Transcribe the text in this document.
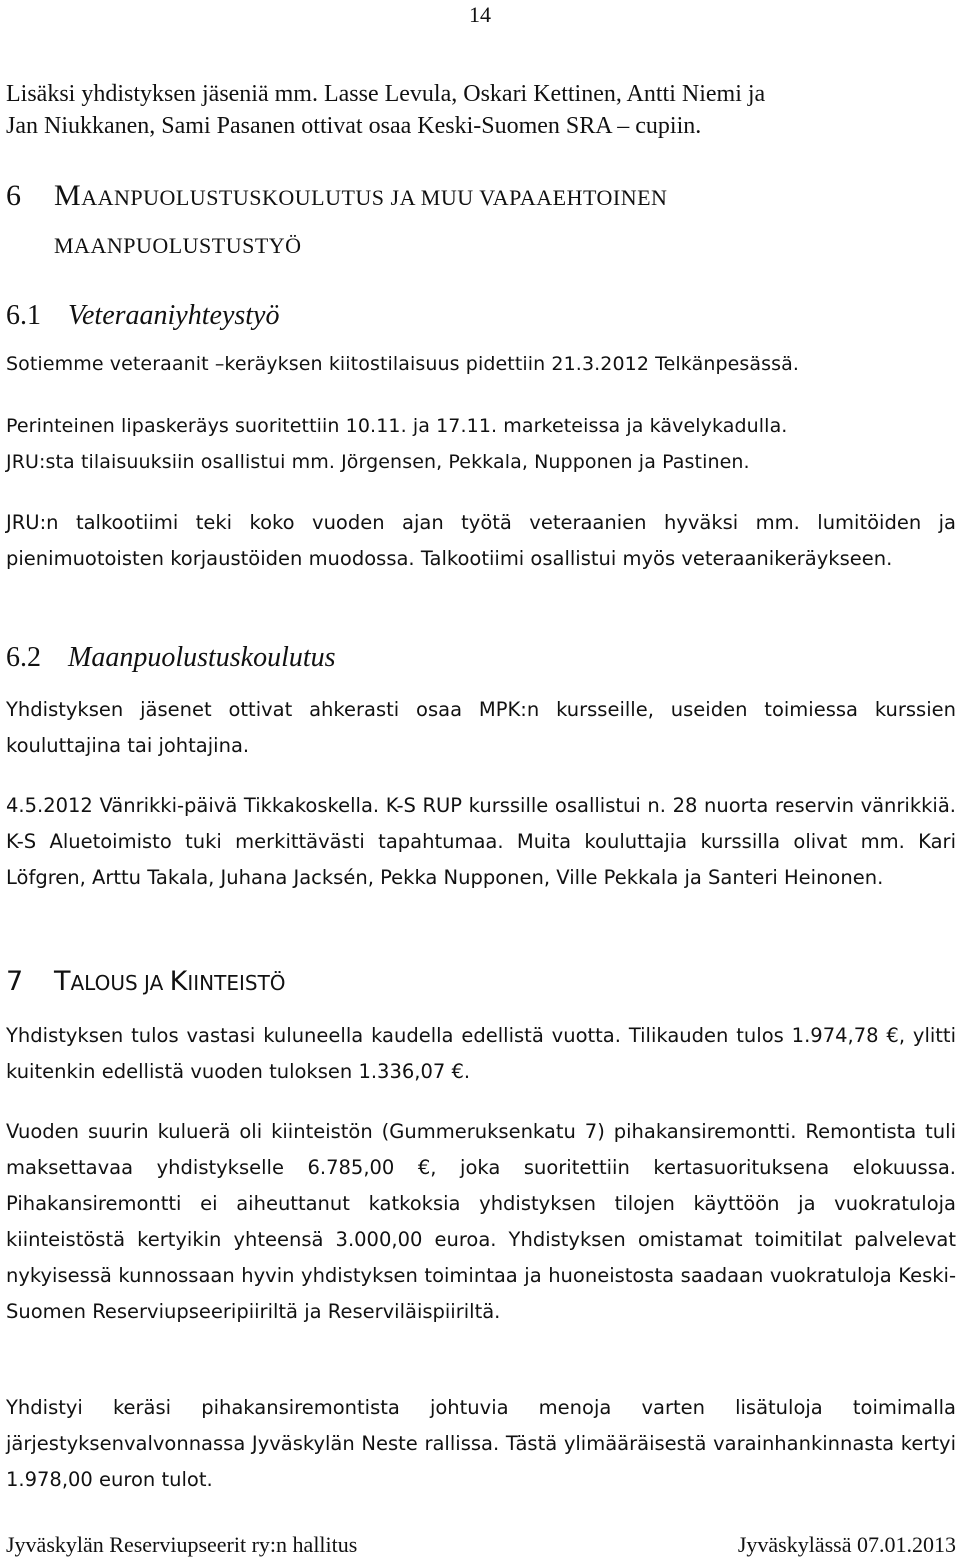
14

Lisäksi yhdistyksen jäseniä mm. Lasse Levula, Oskari Kettinen, Antti Niemi ja
Jan Niukkanen, Sami Pasanen ottivat osaa Keski-Suomen SRA – cupiin.

6 MAANPUOLUSTUSKOULUTUS JA MUU VAPAAEHTOINEN
MAANPUOLUSTUSTYÖ
6.1 Veteraaniyhteystyö

Sotiemme veteraanit –keräyksen kiitostilaisuus pidettiin 21.3.2012 Telkänpesässä.

Perinteinen lipaskeräys suoritettiin 10.11. ja 17.11. marketeissa ja kävelykadulla.
JRU:sta tilaisuuksiin osallistui mm. Jörgensen, Pekkala, Nupponen ja Pastinen.

JRU:n talkootiimi teki koko vuoden ajan työtä veteraanien hyväksi mm. lumitöiden ja pienimuotoisten korjaustöiden muodossa. Talkootiimi osallistui myös veteraanikeräykseen.

6.2 Maanpuolustuskoulutus

Yhdistyksen jäsenet ottivat ahkerasti osaa MPK:n kursseille, useiden toimiessa kurssien kouluttajina tai johtajina.

4.5.2012 Vänrikki-päivä Tikkakoskella. K-S RUP kurssille osallistui n. 28 nuorta reservin vänrikkiä. K-S Aluetoimisto tuki merkittävästi tapahtumaa. Muita kouluttajia kurssilla olivat mm. Kari Löfgren, Arttu Takala, Juhana Jacksén, Pekka Nupponen, Ville Pekkala ja Santeri Heinonen.

7 TALOUS JA KIINTEISTÖ

Yhdistyksen tulos vastasi kuluneella kaudella edellistä vuotta. Tilikauden tulos 1.974,78 €, ylitti kuitenkin edellistä vuoden tuloksen 1.336,07 €.

Vuoden suurin kuluerä oli kiinteistön (Gummeruksenkatu 7) pihakansiremontti. Remontista tuli maksettavaa yhdistykselle 6.785,00 €, joka suoritettiin kertasuorituksena elokuussa. Pihakansiremontti ei aiheuttanut katkoksia yhdistyksen tilojen käyttöön ja vuokratuloja kiinteistöstä kertyikin yhteensä 3.000,00 euroa. Yhdistyksen omistamat toimitilat palvelevat nykyisessä kunnossaan hyvin yhdistyksen toimintaa ja huoneistosta saadaan vuokratuloja Keski-Suomen Reserviupseeripiiriltä ja Reserviläispiiriltä.

Yhdistyi keräsi pihakansiremontista johtuvia menoja varten lisätuloja toimimalla järjestyksenvalvonnassa Jyväskylän Neste rallissa. Tästä ylimääräisestä varainhankinnasta kertyi 1.978,00 euron tulot.

Jyväskylän Reserviupseerit ry:n hallitus	Jyväskylässä 07.01.2013
